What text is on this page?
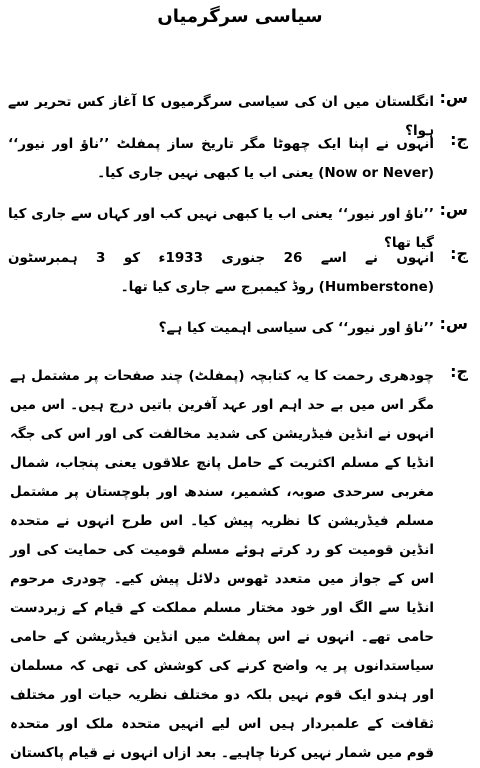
سیاسی سرگرمیاں
س:
انگلستان میں ان کی سیاسی سرگرمیوں کا آغاز کس تحریر سے ہوا؟ ج:
انہوں نے اپنا ایک چھوٹا مگر تاریخ ساز پمفلٹ ’’ناؤ اور نیور‘‘ (Now or Never) یعنی اب یا کبھی نہیں جاری کیا۔
س:
’’ناؤ اور نیور‘‘ یعنی اب یا کبھی نہیں کب اور کہاں سے جاری کیا گیا تھا؟
ج:
انہوں نے اسے 26 جنوری 1933ء کو 3 ہمبرسٹون (Humberstone) روڈ کیمبرج سے جاری کیا تھا۔
س:
’’ناؤ اور نیور‘‘ کی سیاسی اہمیت کیا ہے؟
ج:
چودھری رحمت کا یہ کتابچہ (پمفلٹ) چند صفحات پر مشتمل ہے مگر اس میں بے حد اہم اور عہد آفرین باتیں درج ہیں۔ اس میں انہوں نے انڈین فیڈریشن کی شدید مخالفت کی اور اس کی جگہ انڈیا کے مسلم اکثریت کے حامل پانچ علاقوں یعنی پنجاب، شمال مغربی سرحدی صوبہ، کشمیر، سندھ اور بلوچستان پر مشتمل مسلم فیڈریشن کا نظریہ پیش کیا۔ اس طرح انہوں نے متحدہ انڈین قومیت کو رد کرتے ہوئے مسلم قومیت کی حمایت کی اور اس کے جواز میں متعدد ٹھوس دلائل پیش کیے۔ چودری مرحوم انڈیا سے الگ اور خود مختار مسلم مملکت کے قیام کے زبردست حامی تھے۔ انہوں نے اس پمفلٹ میں انڈین فیڈریشن کے حامی سیاستدانوں پر یہ واضح کرنے کی کوشش کی تھی کہ مسلمان اور ہندو ایک قوم نہیں بلکہ دو مختلف نظریہ حیات اور مختلف ثقافت کے علمبردار ہیں اس لیے انہیں متحدہ ملک اور متحدہ قوم میں شمار نہیں کرنا چاہیے۔ بعد ازاں انہوں نے قیام پاکستان
